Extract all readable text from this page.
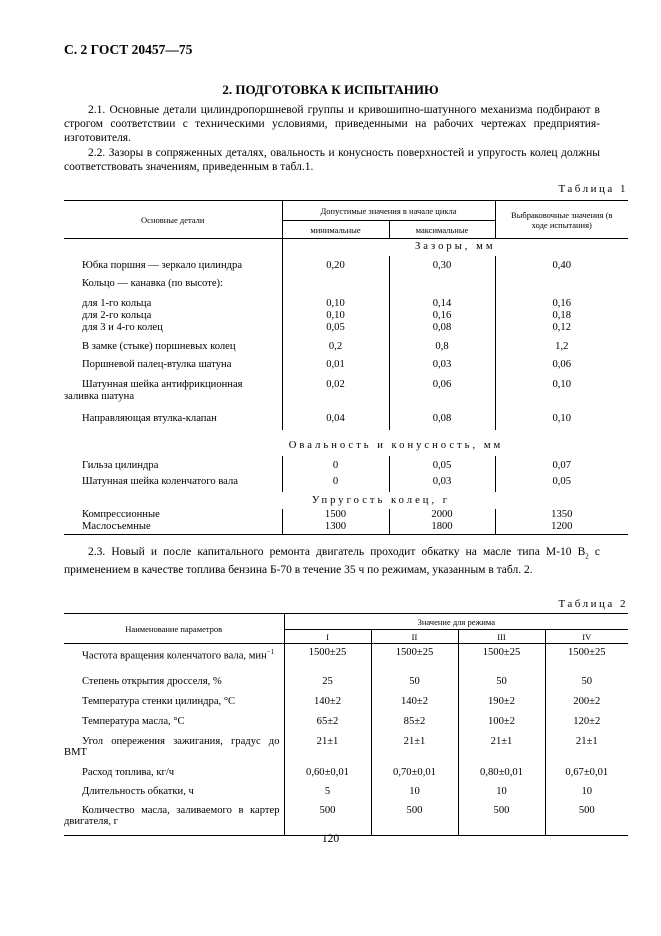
С. 2 ГОСТ 20457—75
2. ПОДГОТОВКА К ИСПЫТАНИЮ
2.1. Основные детали цилиндропоршневой группы и кривошипно-шатунного механизма подбирают в строгом соответствии с техническими условиями, приведенными на рабочих чертежах предприятия-изготовителя.
2.2. Зазоры в сопряженных деталях, овальность и конусность поверхностей и упругость колец должны соответствовать значениям, приведенным в табл.1.
Таблица 1
Основные детали	Допустимые значения в начале цикла		Выбраковочные значения (в ходе испытания)
	минимальные	максимальные	
	Зазоры, мм		
Юбка поршня — зеркало цилиндра	0,20	0,30	0,40
Кольцо — канавка (по высоте):			
для 1-го кольца	0,10	0,14	0,16
для 2-го кольца	0,10	0,16	0,18
для 3 и 4-го колец	0,05	0,08	0,12
В замке (стыке) поршневых колец	0,2	0,8	1,2
Поршневой палец-втулка шатуна	0,01	0,03	0,06
Шатунная шейка антифрикционная заливка шатуна	0,02	0,06	0,10
Направляющая втулка-клапан	0,04	0,08	0,10
Овальность и конусность, мм			
Гильза цилиндра	0	0,05	0,07
Шатунная шейка коленчатого вала	0	0,03	0,05
Упругость колец, г			
Компрессионные	1500	2000	1350
Маслосъемные	1300	1800	1200
2.3. Новый и после капитального ремонта двигатель проходит обкатку на масле типа М-10 $В_2$ с применением в качестве топлива бензина Б-70 в течение 35 ч по режимам, указанным в табл. 2.
Таблица 2
Наименование параметров	Значение для режима			
	I	II	III	IV
Частота вращения коленчатого вала, мин$^{-1}$	1500±25	1500±25	1500±25	1500±25
Степень открытия дросселя, %	25	50	50	50
Температура стенки цилиндра, °С	140±2	140±2	190±2	200±2
Температура масла, °С	65±2	85±2	100±2	120±2
Угол опережения зажигания, градус до ВМТ	21±1	21±1	21±1	21±1
Расход топлива, кг/ч	0,60±0,01	0,70±0,01	0,80±0,01	0,67±0,01
Длительность обкатки, ч	5	10	10	10
Количество масла, заливаемого в картер двигателя, г	500	500	500	500
120
